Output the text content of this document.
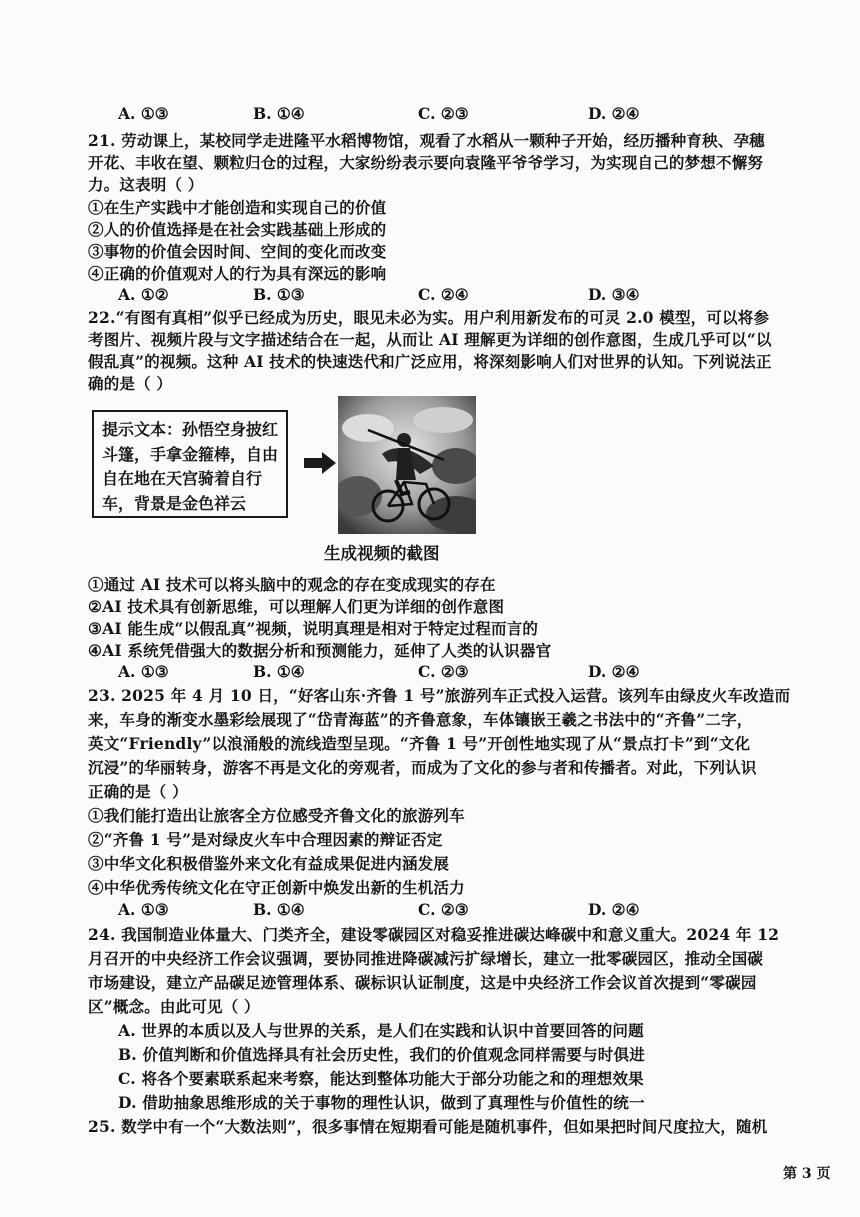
A. ①③	B. ①④	C. ②③	D. ②④
21. 劳动课上，某校同学走进隆平水稻博物馆，观看了水稻从一颗种子开始，经历播种育秧、孕穗
开花、丰收在望、颗粒归仓的过程，大家纷纷表示要向袁隆平爷爷学习，为实现自己的梦想不懈努
力。这表明（ ）
①在生产实践中才能创造和实现自己的价值
②人的价值选择是在社会实践基础上形成的
③事物的价值会因时间、空间的变化而改变
④正确的价值观对人的行为具有深远的影响
A. ①②	B. ①③	C. ②④	D. ③④
22.“有图有真相”似乎已经成为历史，眼见未必为实。用户利用新发布的可灵 2.0 模型，可以将参
考图片、视频片段与文字描述结合在一起，从而让 AI 理解更为详细的创作意图，生成几乎可以“以
假乱真”的视频。这种 AI 技术的快速迭代和广泛应用，将深刻影响人们对世界的认知。下列说法正
确的是（ ）
提示文本：孙悟空身披红斗篷，手拿金箍棒，自由自在地在天宫骑着自行车，背景是金色祥云
生成视频的截图
①通过 AI 技术可以将头脑中的观念的存在变成现实的存在
②AI 技术具有创新思维，可以理解人们更为详细的创作意图
③AI 能生成“以假乱真”视频，说明真理是相对于特定过程而言的
④AI 系统凭借强大的数据分析和预测能力，延伸了人类的认识器官
A. ①③	B. ①④	C. ②③	D. ②④
23. 2025 年 4 月 10 日，“好客山东·齐鲁 1 号”旅游列车正式投入运营。该列车由绿皮火车改造而
来，车身的渐变水墨彩绘展现了“岱青海蓝”的齐鲁意象，车体镶嵌王羲之书法中的“齐鲁”二字，
英文“Friendly”以浪涌般的流线造型呈现。“齐鲁 1 号”开创性地实现了从“景点打卡”到“文化
沉浸”的华丽转身，游客不再是文化的旁观者，而成为了文化的参与者和传播者。对此，下列认识
正确的是（ ）
①我们能打造出让旅客全方位感受齐鲁文化的旅游列车
②“齐鲁 1 号”是对绿皮火车中合理因素的辩证否定
③中华文化积极借鉴外来文化有益成果促进内涵发展
④中华优秀传统文化在守正创新中焕发出新的生机活力
A. ①③	B. ①④	C. ②③	D. ②④
24. 我国制造业体量大、门类齐全，建设零碳园区对稳妥推进碳达峰碳中和意义重大。2024 年 12
月召开的中央经济工作会议强调，要协同推进降碳减污扩绿增长，建立一批零碳园区，推动全国碳
市场建设，建立产品碳足迹管理体系、碳标识认证制度，这是中央经济工作会议首次提到“零碳园
区”概念。由此可见（ ）
A. 世界的本质以及人与世界的关系，是人们在实践和认识中首要回答的问题
B. 价值判断和价值选择具有社会历史性，我们的价值观念同样需要与时俱进
C. 将各个要素联系起来考察，能达到整体功能大于部分功能之和的理想效果
D. 借助抽象思维形成的关于事物的理性认识，做到了真理性与价值性的统一
25. 数学中有一个“大数法则”，很多事情在短期看可能是随机事件，但如果把时间尺度拉大，随机
第 3 页
